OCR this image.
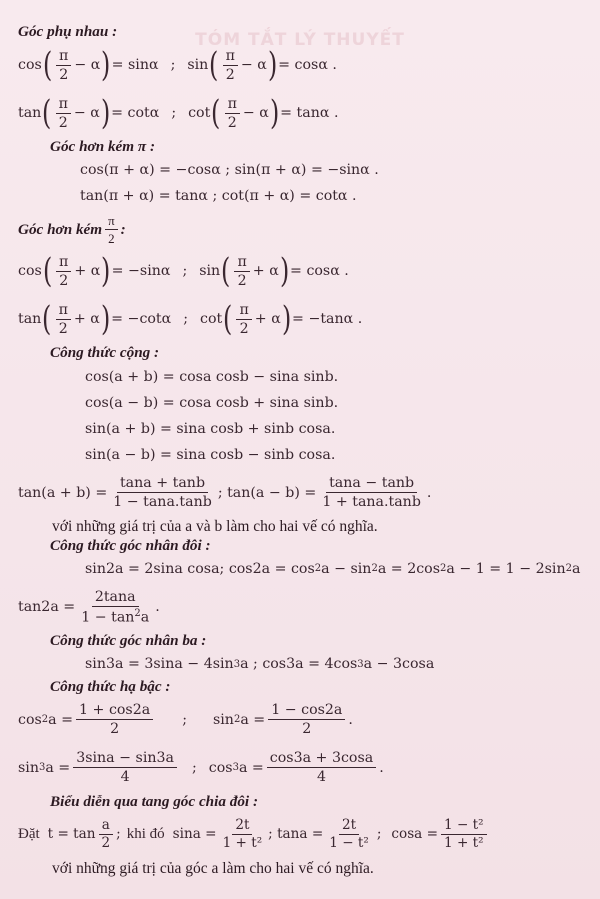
TÓM TẮT LÝ THUYẾT
Góc phụ nhau :
cos ( $\frac{\pi}{2} - \alpha$ ) = sinα ; sin ( $\frac{\pi}{2} - \alpha$ ) = cosα .
tan ( $\frac{\pi}{2} - \alpha$ ) = cotα ; cot ( $\frac{\pi}{2} - \alpha$ ) = tanα .
Góc hơn kém π :
cos(π + α) = −cosα ; sin(π + α) = −sinα .
tan(π + α) = tanα ; cot(π + α) = cotα .
Góc hơn kém $\frac{\pi}{2}$ :
cos ( $\frac{\pi}{2} + \alpha$ ) = −sinα ; sin ( $\frac{\pi}{2} + \alpha$ ) = cosα .
tan ( $\frac{\pi}{2} + \alpha$ ) = −cotα ; cot ( $\frac{\pi}{2} + \alpha$ ) = −tanα .
Công thức cộng :
cos(a + b) = cosa cosb − sina sinb.
cos(a − b) = cosa cosb + sina sinb.
sin(a + b) = sina cosb + sinb cosa.
sin(a − b) = sina cosb − sinb cosa.
$\tan(a + b) = \frac{\tan a + \tan b}{1 - \tan a.\tan b}$ ; $\tan(a - b) = \frac{\tan a - \tan b}{1 + \tan a.\tan b}$ .
với những giá trị của a và b làm cho hai vế có nghĩa.
Công thức góc nhân đôi :
sin2a = 2sina cosa; cos2a = cos 2 a − sin 2 a = 2cos 2 a − 1 = 1 − 2sin 2 a
$\tan 2a = \frac{2\tan a}{1 - \tan^2a}$ .
Công thức góc nhân ba :
sin3a = 3sina − 4sin 3 a ; cos3a = 4cos 3 a − 3cosa
Công thức hạ bậc :
cos 2 $a = \frac{1 + \cos 2a}{2}$ ; sin 2 $a = \frac{1 - \cos 2a}{2}$ .
sin 3 $a = \frac{3\sin a - \sin 3a}{4}$ ; cos 3 $a = \frac{\cos 3a + 3\cos a}{4}$ .
Biểu diễn qua tang góc chia đôi :
Đặt $t = \tan \frac{a}{2}$ ; khi đó $\sin a = \frac{2t}{\text{1 + t²}}$ ; $\tan a = \frac{2t}{\text{1 − t²}}$ ; $\cos a = \frac{\text{1 − t²}}{\text{1 + t²}}$
với những giá trị của góc a làm cho hai vế có nghĩa.
